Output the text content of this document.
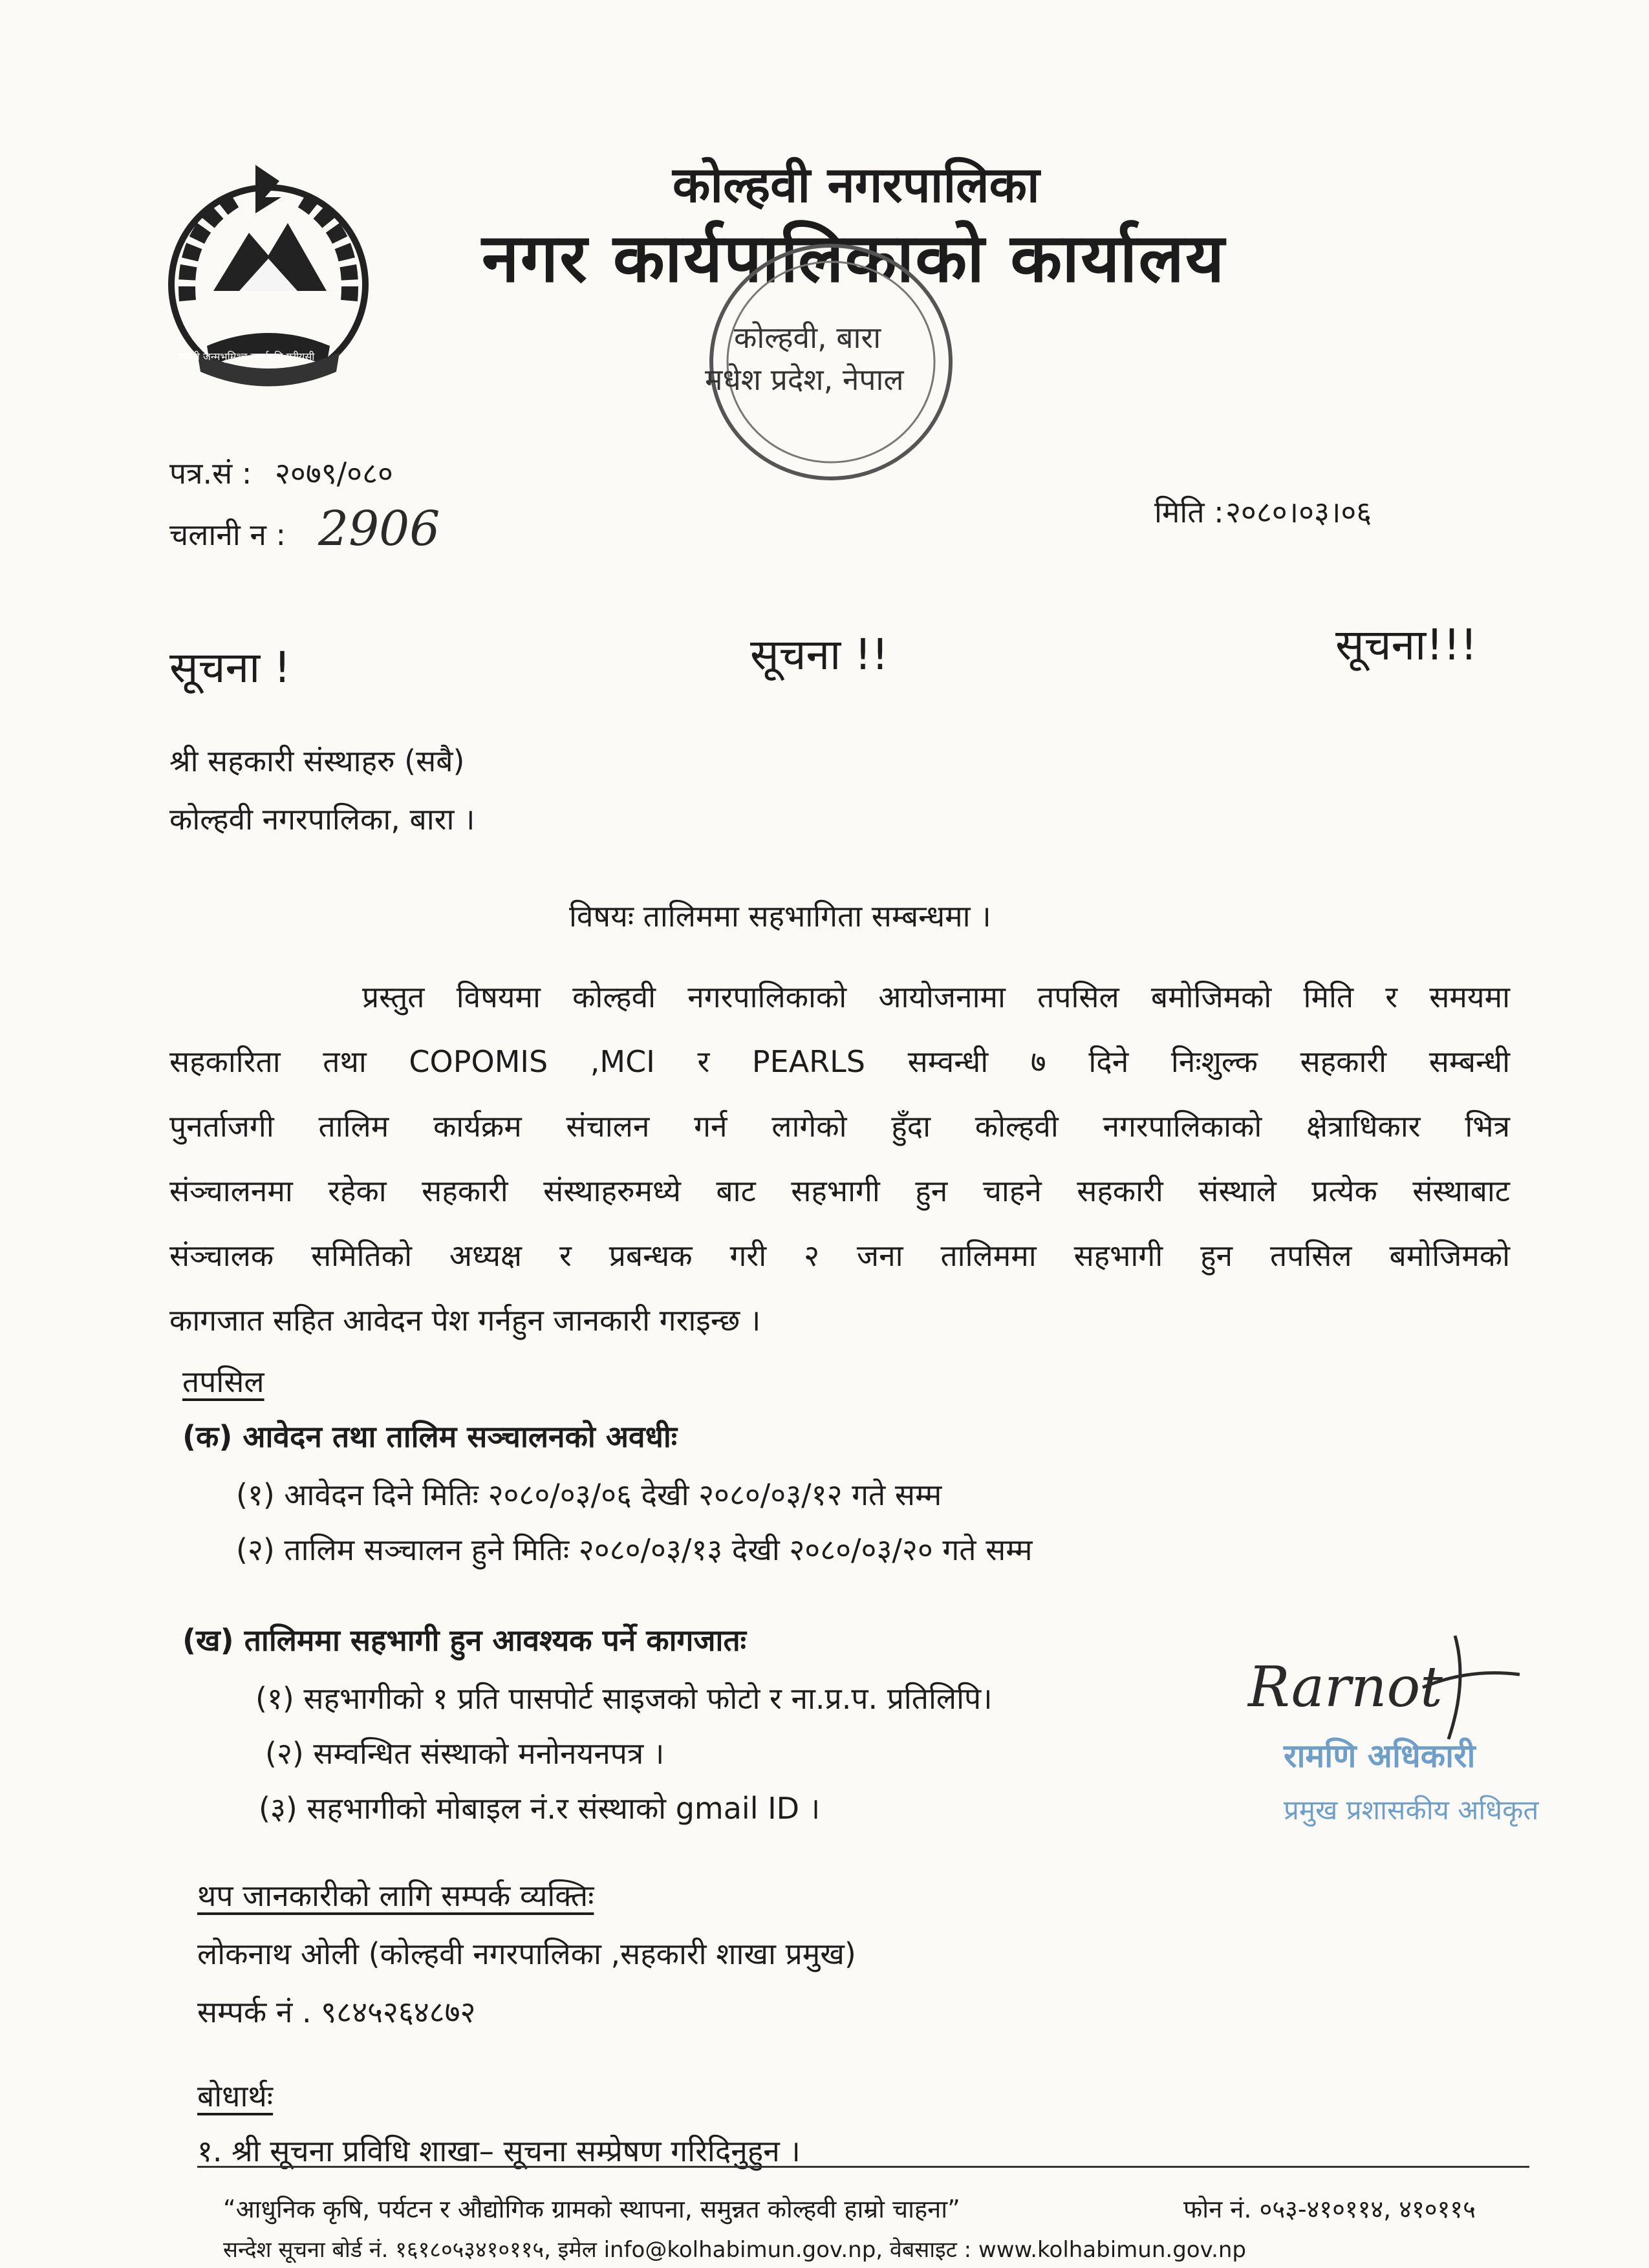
जननी जन्मभूमिश्च स्वर्गादपि गरीयसी
कोल्हवी नगरपालिका
नगर कार्यपालिकाको कार्यालय
कोल्हवी, बारा
मधेश प्रदेश, नेपाल
पत्र.सं : २०७९/०८०
चलानी न : 2906	मिति : २०८०।०३।०६
सूचना !	सूचना !!	सूचना!!!
श्री सहकारी संस्थाहरु (सबै)
कोल्हवी नगरपालिका, बारा ।
विषयः तालिममा सहभागिता सम्बन्धमा ।
प्रस्तुत विषयमा कोल्हवी नगरपालिकाको आयोजनामा तपसिल बमोजिमको मिति र समयमा
सहकारिता तथा COPOMIS ,MCI र PEARLS सम्वन्धी ७ दिने निःशुल्क सहकारी सम्बन्धी
पुनर्ताजगी तालिम कार्यक्रम संचालन गर्न लागेको हुँदा कोल्हवी नगरपालिकाको क्षेत्राधिकार भित्र
संञ्चालनमा रहेका सहकारी संस्थाहरुमध्ये बाट सहभागी हुन चाहने सहकारी संस्थाले प्रत्येक संस्थाबाट
संञ्चालक समितिको अध्यक्ष र प्रबन्धक गरी २ जना तालिममा सहभागी हुन तपसिल बमोजिमको
कागजात सहित आवेदन पेश गर्नहुन जानकारी गराइन्छ ।
तपसिल
(क) आवेदन तथा तालिम सञ्चालनको अवधीः
(१) आवेदन दिने मितिः २०८०/०३/०६ देखी २०८०/०३/१२ गते सम्म
(२) तालिम सञ्चालन हुने मितिः २०८०/०३/१३ देखी २०८०/०३/२० गते सम्म
(ख) तालिममा सहभागी हुन आवश्यक पर्ने कागजातः
(१) सहभागीको १ प्रति पासपोर्ट साइजको फोटो र ना.प्र.प. प्रतिलिपि।
(२) सम्वन्धित संस्थाको मनोनयनपत्र ।
(३) सहभागीको मोबाइल नं.र संस्थाको gmail ID ।
Rarnot
रामणि अधिकारी
प्रमुख प्रशासकीय अधिकृत
थप जानकारीको लागि सम्पर्क व्यक्तिः
लोकनाथ ओली (कोल्हवी नगरपालिका ,सहकारी शाखा प्रमुख)
सम्पर्क नं . ९८४५२६४८७२
बोधार्थः
१. श्री सूचना प्रविधि शाखा– सूचना सम्प्रेषण गरिदिनुहुन ।
“आधुनिक कृषि, पर्यटन र औद्योगिक ग्रामको स्थापना, समुन्नत कोल्हवी हाम्रो चाहना”	फोन नं. ०५३-४१०११४, ४१०११५
सन्देश सूचना बोर्ड नं. १६१८०५३४१०११५, इमेल info@kolhabimun.gov.np, वेबसाइट : www.kolhabimun.gov.np
